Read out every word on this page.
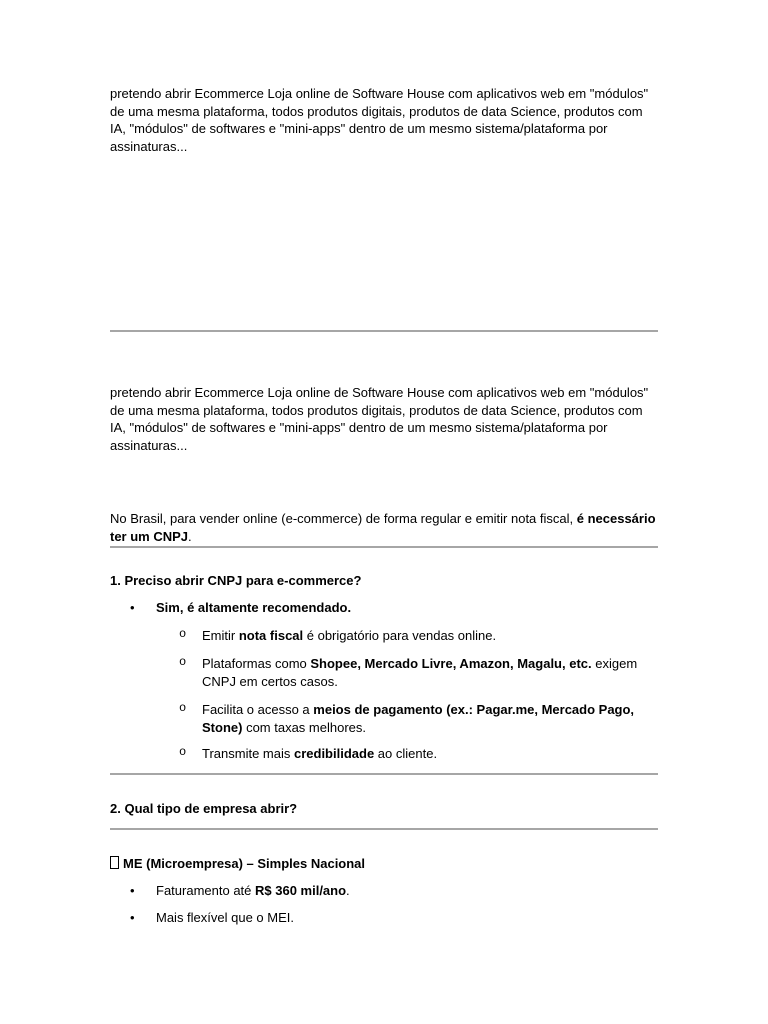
pretendo abrir Ecommerce Loja online de Software House com aplicativos web em "módulos" de uma mesma plataforma, todos produtos digitais, produtos de data Science, produtos com IA, "módulos" de softwares e "mini-apps" dentro de um mesmo sistema/plataforma por assinaturas...

pretendo abrir Ecommerce Loja online de Software House com aplicativos web em "módulos" de uma mesma plataforma, todos produtos digitais, produtos de data Science, produtos com IA, "módulos" de softwares e "mini-apps" dentro de um mesmo sistema/plataforma por assinaturas...

No Brasil, para vender online (e-commerce) de forma regular e emitir nota fiscal, é necessário ter um CNPJ.

1. Preciso abrir CNPJ para e-commerce?

• Sim, é altamente recomendado.
o Emitir nota fiscal é obrigatório para vendas online.
o Plataformas como Shopee, Mercado Livre, Amazon, Magalu, etc. exigem CNPJ em certos casos.
o Facilita o acesso a meios de pagamento (ex.: Pagar.me, Mercado Pago, Stone) com taxas melhores.
o Transmite mais credibilidade ao cliente.

2. Qual tipo de empresa abrir?

ME (Microempresa) – Simples Nacional

• Faturamento até R$ 360 mil/ano.
• Mais flexível que o MEI.
